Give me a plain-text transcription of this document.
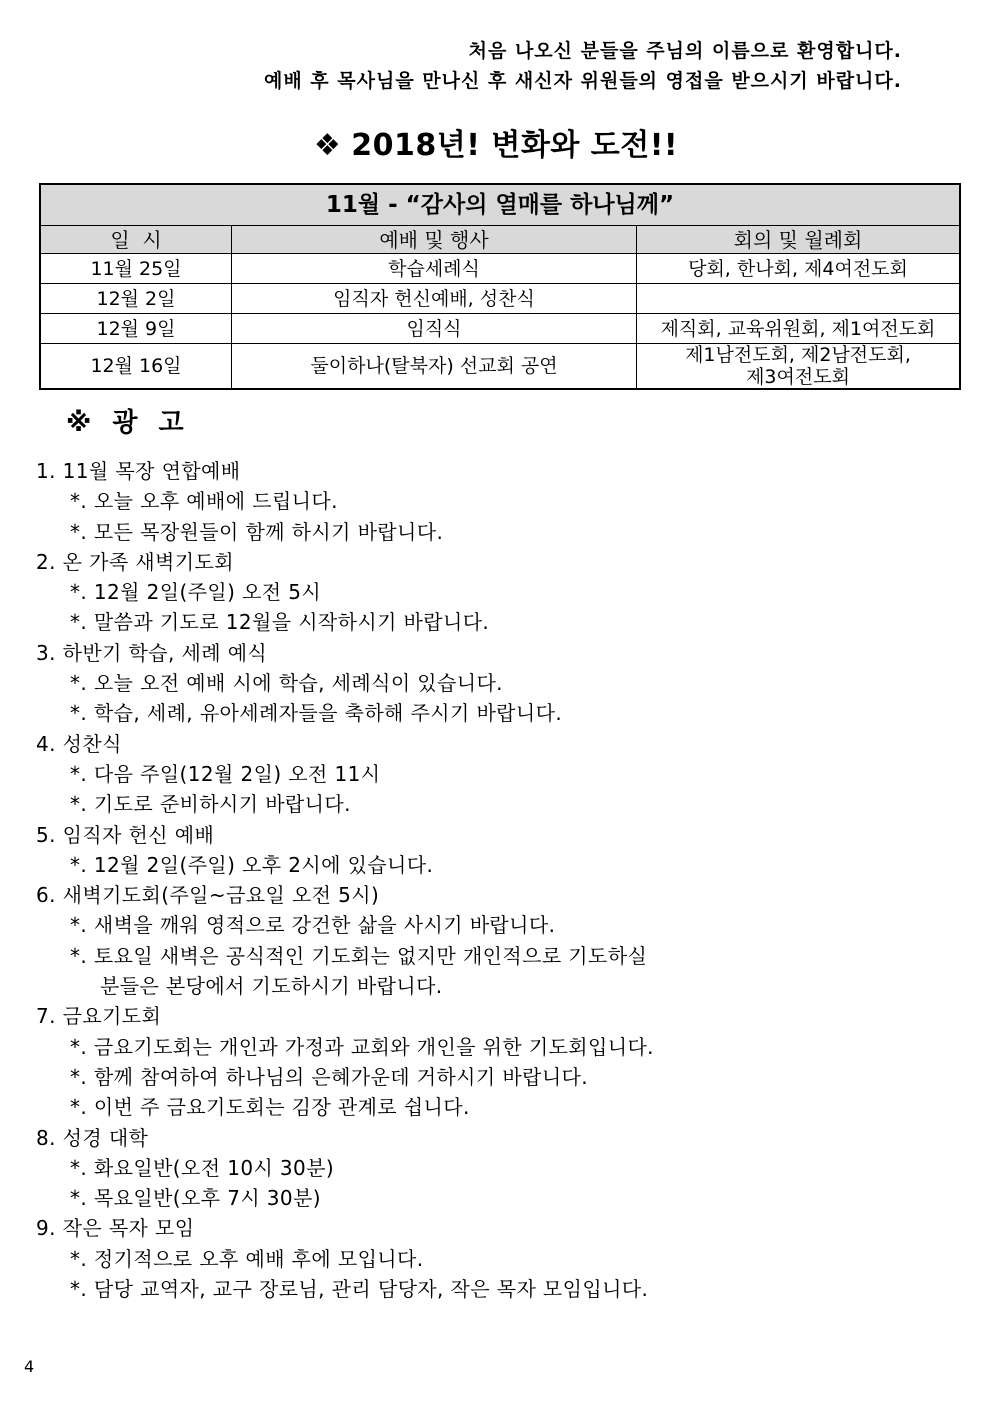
처음 나오신 분들을 주님의 이름으로 환영합니다.
예배 후 목사님을 만나신 후 새신자 위원들의 영접을 받으시기 바랍니다.
❖ 2018년! 변화와 도전!!
11월 - “감사의 열매를 하나님께”		
일  시	예배 및 행사	회의 및 월례회
11월 25일	학습세례식	당회, 한나회, 제4여전도회
12월 2일	임직자 헌신예배, 성찬식	
12월 9일	임직식	제직회, 교육위원회, 제1여전도회
12월 16일	둘이하나(탈북자) 선교회 공연	제1남전도회, 제2남전도회, 제3여전도회
※ 광 고
1. 11월 목장 연합예배
*. 오늘 오후 예배에 드립니다.
*. 모든 목장원들이 함께 하시기 바랍니다.
2. 온 가족 새벽기도회
*. 12월 2일(주일) 오전 5시
*. 말씀과 기도로 12월을 시작하시기 바랍니다.
3. 하반기 학습, 세례 예식
*. 오늘 오전 예배 시에 학습, 세례식이 있습니다.
*. 학습, 세례, 유아세례자들을 축하해 주시기 바랍니다.
4. 성찬식
*. 다음 주일(12월 2일) 오전 11시
*. 기도로 준비하시기 바랍니다.
5. 임직자 헌신 예배
*. 12월 2일(주일) 오후 2시에 있습니다.
6. 새벽기도회(주일~금요일 오전 5시)
*. 새벽을 깨워 영적으로 강건한 삶을 사시기 바랍니다.
*. 토요일 새벽은 공식적인 기도회는 없지만 개인적으로 기도하실
분들은 본당에서 기도하시기 바랍니다.
7. 금요기도회
*. 금요기도회는 개인과 가정과 교회와 개인을 위한 기도회입니다.
*. 함께 참여하여 하나님의 은혜가운데 거하시기 바랍니다.
*. 이번 주 금요기도회는 김장 관계로 쉽니다.
8. 성경 대학
*. 화요일반(오전 10시 30분)
*. 목요일반(오후 7시 30분)
9. 작은 목자 모임
*. 정기적으로 오후 예배 후에 모입니다.
*. 담당 교역자, 교구 장로님, 관리 담당자, 작은 목자 모임입니다.
4
